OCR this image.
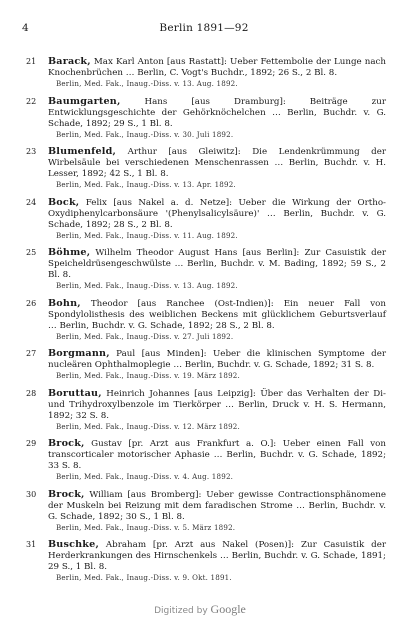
4	Berlin 1891—92
21 Barack, Max Karl Anton [aus Rastatt]: Ueber Fettembolie der Lunge nach Knochenbrüchen … Berlin, C. Vogt's Buchdr., 1892; 26 S., 2 Bl. 8.
Berlin, Med. Fak., Inaug.-Diss. v. 13. Aug. 1892.
22 Baumgarten, Hans [aus Dramburg]: Beiträge zur Entwicklungsgeschichte der Gehörknöchelchen … Berlin, Buchdr. v. G. Schade, 1892; 29 S., 1 Bl. 8.
Berlin, Med. Fak., Inaug.-Diss. v. 30. Juli 1892.
23 Blumenfeld, Arthur [aus Gleiwitz]: Die Lendenkrümmung der Wirbelsäule bei verschiedenen Menschenrassen … Berlin, Buchdr. v. H. Lesser, 1892; 42 S., 1 Bl. 8.
Berlin, Med. Fak., Inaug.-Diss. v. 13. Apr. 1892.
24 Bock, Felix [aus Nakel a. d. Netze]: Ueber die Wirkung der Ortho-Oxydiphenylcarbonsäure '(Phenylsalicylsäure)' … Berlin, Buchdr. v. G. Schade, 1892; 28 S., 2 Bl. 8.
Berlin, Med. Fak., Inaug.-Diss. v. 11. Aug. 1892.
25 Böhme, Wilhelm Theodor August Hans [aus Berlin]: Zur Casuistik der Speicheldrüsengeschwülste … Berlin, Buchdr. v. M. Bading, 1892; 59 S., 2 Bl. 8.
Berlin, Med. Fak., Inaug.-Diss. v. 13. Aug. 1892.
26 Bohn, Theodor [aus Ranchee (Ost-Indien)]: Ein neuer Fall von Spondylolisthesis des weiblichen Beckens mit glücklichem Geburtsverlauf … Berlin, Buchdr. v. G. Schade, 1892; 28 S., 2 Bl. 8.
Berlin, Med. Fak., Inaug.-Diss. v. 27. Juli 1892.
27 Borgmann, Paul [aus Minden]: Ueber die klinischen Symptome der nucleären Ophthalmoplegie … Berlin, Buchdr. v. G. Schade, 1892; 31 S. 8.
Berlin, Med. Fak., Inaug.-Diss. v. 19. März 1892.
28 Boruttau, Heinrich Johannes [aus Leipzig]: Über das Verhalten der Di- und Trihydroxylbenzole im Tierkörper … Berlin, Druck v. H. S. Hermann, 1892; 32 S. 8.
Berlin, Med. Fak., Inaug.-Diss. v. 12. März 1892.
29 Brock, Gustav [pr. Arzt aus Frankfurt a. O.]: Ueber einen Fall von transcorticaler motorischer Aphasie … Berlin, Buchdr. v. G. Schade, 1892; 33 S. 8.
Berlin, Med. Fak., Inaug.-Diss. v. 4. Aug. 1892.
30 Brock, William [aus Bromberg]: Ueber gewisse Contractionsphänomene der Muskeln bei Reizung mit dem faradischen Strome … Berlin, Buchdr. v. G. Schade, 1892; 30 S., 1 Bl. 8.
Berlin, Med. Fak., Inaug.-Diss. v. 5. März 1892.
31 Buschke, Abraham [pr. Arzt aus Nakel (Posen)]: Zur Casuistik der Herderkrankungen des Hirnschenkels … Berlin, Buchdr. v. G. Schade, 1891; 29 S., 1 Bl. 8.
Berlin, Med. Fak., Inaug.-Diss. v. 9. Okt. 1891.
Digitized by Google
